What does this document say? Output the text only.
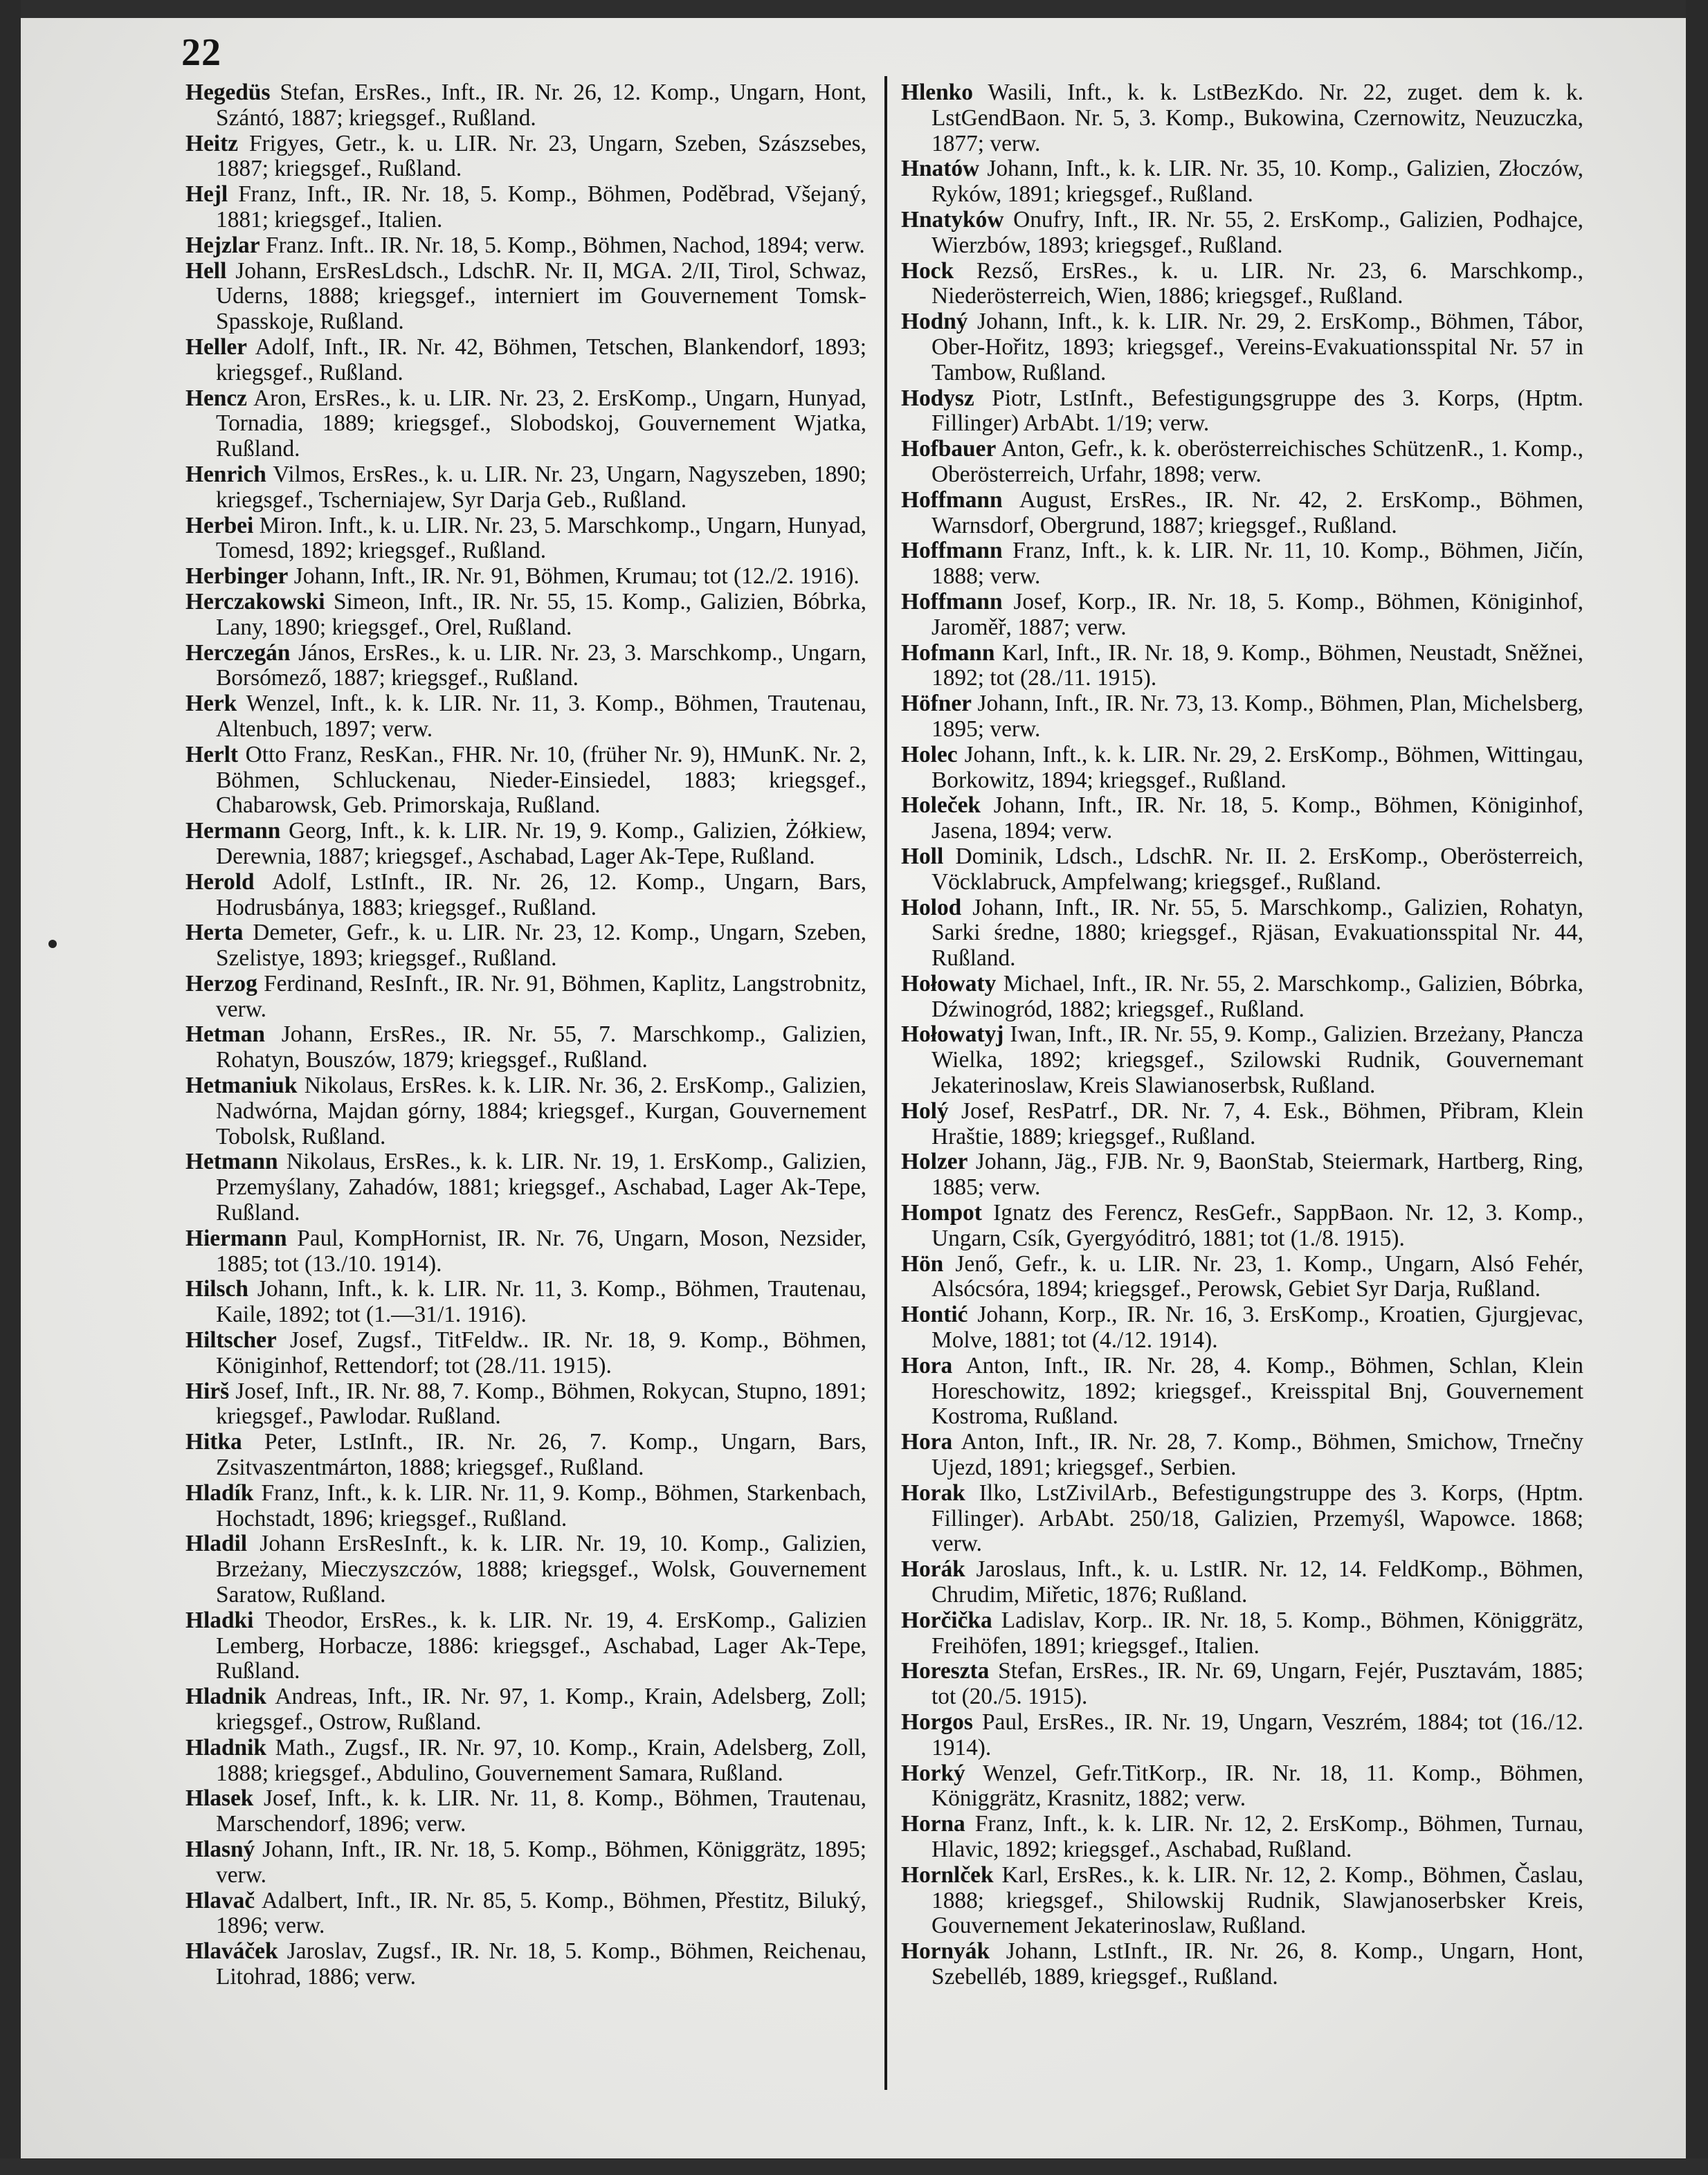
22

Hegedüs Stefan, ErsRes., Inft., IR. Nr. 26, 12. Komp., Ungarn, Hont, Szántó, 1887; kriegsgef., Rußland.

Heitz Frigyes, Getr., k. u. LIR. Nr. 23, Ungarn, Szeben, Szászsebes, 1887; kriegsgef., Rußland.

Hejl Franz, Inft., IR. Nr. 18, 5. Komp., Böhmen, Poděbrad, Všejaný, 1881; kriegsgef., Italien.

Hejzlar Franz. Inft.. IR. Nr. 18, 5. Komp., Böhmen, Nachod, 1894; verw.

Hell Johann, ErsResLdsch., LdschR. Nr. II, MGA. 2/II, Tirol, Schwaz, Uderns, 1888; kriegsgef., interniert im Gouvernement Tomsk-Spasskoje, Rußland.

Heller Adolf, Inft., IR. Nr. 42, Böhmen, Tetschen, Blankendorf, 1893; kriegsgef., Rußland.

Hencz Aron, ErsRes., k. u. LIR. Nr. 23, 2. ErsKomp., Ungarn, Hunyad, Tornadia, 1889; kriegsgef., Slobodskoj, Gouvernement Wjatka, Rußland.

Henrich Vilmos, ErsRes., k. u. LIR. Nr. 23, Ungarn, Nagyszeben, 1890; kriegsgef., Tscherniajew, Syr Darja Geb., Rußland.

Herbei Miron. Inft., k. u. LIR. Nr. 23, 5. Marschkomp., Ungarn, Hunyad, Tomesd, 1892; kriegsgef., Rußland.

Herbinger Johann, Inft., IR. Nr. 91, Böhmen, Krumau; tot (12./2. 1916).

Herczakowski Simeon, Inft., IR. Nr. 55, 15. Komp., Galizien, Bóbrka, Lany, 1890; kriegsgef., Orel, Rußland.

Herczegán János, ErsRes., k. u. LIR. Nr. 23, 3. Marschkomp., Ungarn, Borsómező, 1887; kriegsgef., Rußland.

Herk Wenzel, Inft., k. k. LIR. Nr. 11, 3. Komp., Böhmen, Trautenau, Altenbuch, 1897; verw.

Herlt Otto Franz, ResKan., FHR. Nr. 10, (früher Nr. 9), HMunK. Nr. 2, Böhmen, Schluckenau, Nieder-Einsiedel, 1883; kriegsgef., Chabarowsk, Geb. Primorskaja, Rußland.

Hermann Georg, Inft., k. k. LIR. Nr. 19, 9. Komp., Galizien, Żółkiew, Derewnia, 1887; kriegsgef., Aschabad, Lager Ak-Tepe, Rußland.

Herold Adolf, LstInft., IR. Nr. 26, 12. Komp., Ungarn, Bars, Hodrusbánya, 1883; kriegsgef., Rußland.

Herta Demeter, Gefr., k. u. LIR. Nr. 23, 12. Komp., Ungarn, Szeben, Szelistye, 1893; kriegsgef., Rußland.

Herzog Ferdinand, ResInft., IR. Nr. 91, Böhmen, Kaplitz, Langstrobnitz, verw.

Hetman Johann, ErsRes., IR. Nr. 55, 7. Marschkomp., Galizien, Rohatyn, Bouszów, 1879; kriegsgef., Rußland.

Hetmaniuk Nikolaus, ErsRes. k. k. LIR. Nr. 36, 2. ErsKomp., Galizien, Nadwórna, Majdan górny, 1884; kriegsgef., Kurgan, Gouvernement Tobolsk, Rußland.

Hetmann Nikolaus, ErsRes., k. k. LIR. Nr. 19, 1. ErsKomp., Galizien, Przemyślany, Zahadów, 1881; kriegsgef., Aschabad, Lager Ak-Tepe, Rußland.

Hiermann Paul, KompHornist, IR. Nr. 76, Ungarn, Moson, Nezsider, 1885; tot (13./10. 1914).

Hilsch Johann, Inft., k. k. LIR. Nr. 11, 3. Komp., Böhmen, Trautenau, Kaile, 1892; tot (1.—31/1. 1916).

Hiltscher Josef, Zugsf., TitFeldw.. IR. Nr. 18, 9. Komp., Böhmen, Königinhof, Rettendorf; tot (28./11. 1915).

Hirš Josef, Inft., IR. Nr. 88, 7. Komp., Böhmen, Rokycan, Stupno, 1891; kriegsgef., Pawlodar. Rußland.

Hitka Peter, LstInft., IR. Nr. 26, 7. Komp., Ungarn, Bars, Zsitvaszentmárton, 1888; kriegsgef., Rußland.

Hladík Franz, Inft., k. k. LIR. Nr. 11, 9. Komp., Böhmen, Starkenbach, Hochstadt, 1896; kriegsgef., Rußland.

Hladil Johann ErsResInft., k. k. LIR. Nr. 19, 10. Komp., Galizien, Brzeżany, Mieczyszczów, 1888; kriegsgef., Wolsk, Gouvernement Saratow, Rußland.

Hladki Theodor, ErsRes., k. k. LIR. Nr. 19, 4. ErsKomp., Galizien Lemberg, Horbacze, 1886: kriegsgef., Aschabad, Lager Ak-Tepe, Rußland.

Hladnik Andreas, Inft., IR. Nr. 97, 1. Komp., Krain, Adelsberg, Zoll; kriegsgef., Ostrow, Rußland.

Hladnik Math., Zugsf., IR. Nr. 97, 10. Komp., Krain, Adelsberg, Zoll, 1888; kriegsgef., Abdulino, Gouvernement Samara, Rußland.

Hlasek Josef, Inft., k. k. LIR. Nr. 11, 8. Komp., Böhmen, Trautenau, Marschendorf, 1896; verw.

Hlasný Johann, Inft., IR. Nr. 18, 5. Komp., Böhmen, Königgrätz, 1895; verw.

Hlavač Adalbert, Inft., IR. Nr. 85, 5. Komp., Böhmen, Přestitz, Biluký, 1896; verw.

Hlaváček Jaroslav, Zugsf., IR. Nr. 18, 5. Komp., Böhmen, Reichenau, Litohrad, 1886; verw.

Hlenko Wasili, Inft., k. k. LstBezKdo. Nr. 22, zuget. dem k. k. LstGendBaon. Nr. 5, 3. Komp., Bukowina, Czernowitz, Neuzuczka, 1877; verw.

Hnatów Johann, Inft., k. k. LIR. Nr. 35, 10. Komp., Galizien, Złoczów, Ryków, 1891; kriegsgef., Rußland.

Hnatyków Onufry, Inft., IR. Nr. 55, 2. ErsKomp., Galizien, Podhajce, Wierzbów, 1893; kriegsgef., Rußland.

Hock Rezső, ErsRes., k. u. LIR. Nr. 23, 6. Marschkomp., Niederösterreich, Wien, 1886; kriegsgef., Rußland.

Hodný Johann, Inft., k. k. LIR. Nr. 29, 2. ErsKomp., Böhmen, Tábor, Ober-Hořitz, 1893; kriegsgef., Vereins-Evakuationsspital Nr. 57 in Tambow, Rußland.

Hodysz Piotr, LstInft., Befestigungsgruppe des 3. Korps, (Hptm. Fillinger) ArbAbt. 1/19; verw.

Hofbauer Anton, Gefr., k. k. oberösterreichisches SchützenR., 1. Komp., Oberösterreich, Urfahr, 1898; verw.

Hoffmann August, ErsRes., IR. Nr. 42, 2. ErsKomp., Böhmen, Warnsdorf, Obergrund, 1887; kriegsgef., Rußland.

Hoffmann Franz, Inft., k. k. LIR. Nr. 11, 10. Komp., Böhmen, Jičín, 1888; verw.

Hoffmann Josef, Korp., IR. Nr. 18, 5. Komp., Böhmen, Königinhof, Jaroměř, 1887; verw.

Hofmann Karl, Inft., IR. Nr. 18, 9. Komp., Böhmen, Neustadt, Sněžnei, 1892; tot (28./11. 1915).

Höfner Johann, Inft., IR. Nr. 73, 13. Komp., Böhmen, Plan, Michelsberg, 1895; verw.

Holec Johann, Inft., k. k. LIR. Nr. 29, 2. ErsKomp., Böhmen, Wittingau, Borkowitz, 1894; kriegsgef., Rußland.

Holeček Johann, Inft., IR. Nr. 18, 5. Komp., Böhmen, Königinhof, Jasena, 1894; verw.

Holl Dominik, Ldsch., LdschR. Nr. II. 2. ErsKomp., Oberösterreich, Vöcklabruck, Ampfelwang; kriegsgef., Rußland.

Holod Johann, Inft., IR. Nr. 55, 5. Marschkomp., Galizien, Rohatyn, Sarki średne, 1880; kriegsgef., Rjäsan, Evakuationsspital Nr. 44, Rußland.

Hołowaty Michael, Inft., IR. Nr. 55, 2. Marschkomp., Galizien, Bóbrka, Dźwinogród, 1882; kriegsgef., Rußland.

Hołowatyj Iwan, Inft., IR. Nr. 55, 9. Komp., Galizien. Brzeżany, Płancza Wielka, 1892; kriegsgef., Szilowski Rudnik, Gouvernemant Jekaterinoslaw, Kreis Slawianoserbsk, Rußland.

Holý Josef, ResPatrf., DR. Nr. 7, 4. Esk., Böhmen, Přibram, Klein Hraštie, 1889; kriegsgef., Rußland.

Holzer Johann, Jäg., FJB. Nr. 9, BaonStab, Steiermark, Hartberg, Ring, 1885; verw.

Hompot Ignatz des Ferencz, ResGefr., SappBaon. Nr. 12, 3. Komp., Ungarn, Csík, Gyergyóditró, 1881; tot (1./8. 1915).

Hön Jenő, Gefr., k. u. LIR. Nr. 23, 1. Komp., Ungarn, Alsó Fehér, Alsócsóra, 1894; kriegsgef., Perowsk, Gebiet Syr Darja, Rußland.

Hontić Johann, Korp., IR. Nr. 16, 3. ErsKomp., Kroatien, Gjurgjevac, Molve, 1881; tot (4./12. 1914).

Hora Anton, Inft., IR. Nr. 28, 4. Komp., Böhmen, Schlan, Klein Horeschowitz, 1892; kriegsgef., Kreisspital Bnj, Gouvernement Kostroma, Rußland.

Hora Anton, Inft., IR. Nr. 28, 7. Komp., Böhmen, Smichow, Trnečny Ujezd, 1891; kriegsgef., Serbien.

Horak Ilko, LstZivilArb., Befestigungstruppe des 3. Korps, (Hptm. Fillinger). ArbAbt. 250/18, Galizien, Przemyśl, Wapowce. 1868; verw.

Horák Jaroslaus, Inft., k. u. LstIR. Nr. 12, 14. FeldKomp., Böhmen, Chrudim, Miřetic, 1876; Rußland.

Horčička Ladislav, Korp.. IR. Nr. 18, 5. Komp., Böhmen, Königgrätz, Freihöfen, 1891; kriegsgef., Italien.

Horeszta Stefan, ErsRes., IR. Nr. 69, Ungarn, Fejér, Pusztavám, 1885; tot (20./5. 1915).

Horgos Paul, ErsRes., IR. Nr. 19, Ungarn, Veszrém, 1884; tot (16./12. 1914).

Horký Wenzel, Gefr.TitKorp., IR. Nr. 18, 11. Komp., Böhmen, Königgrätz, Krasnitz, 1882; verw.

Horna Franz, Inft., k. k. LIR. Nr. 12, 2. ErsKomp., Böhmen, Turnau, Hlavic, 1892; kriegsgef., Aschabad, Rußland.

Hornlček Karl, ErsRes., k. k. LIR. Nr. 12, 2. Komp., Böhmen, Časlau, 1888; kriegsgef., Shilowskij Rudnik, Slawjanoserbsker Kreis, Gouvernement Jekaterinoslaw, Rußland.

Hornyák Johann, LstInft., IR. Nr. 26, 8. Komp., Ungarn, Hont, Szebelléb, 1889, kriegsgef., Rußland.
